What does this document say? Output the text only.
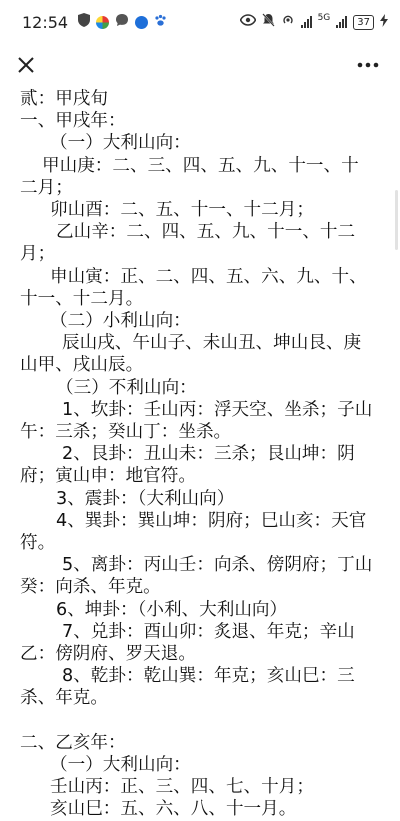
12:54	5G	37
贰：甲戌旬
一、甲戌年：
（一）大利山向：
甲山庚：二、三、四、五、九、十一、十
二月；
卯山酉：二、五、十一、十二月；
乙山辛：二、四、五、九、十一、十二
月；
申山寅：正、二、四、五、六、九、十、
十一、十二月。
（二）小利山向：
辰山戌、午山子、未山丑、坤山艮、庚
山甲、戌山辰。
（三）不利山向：
1、坎卦：壬山丙：浮天空、坐杀；子山
午：三杀；癸山丁：坐杀。
2、艮卦：丑山未：三杀；艮山坤：阴
府；寅山申：地官符。
3、震卦：（大利山向）
4、巽卦：巽山坤：阴府；巳山亥：天官
符。
5、离卦：丙山壬：向杀、傍阴府；丁山
癸：向杀、年克。
6、坤卦：（小利、大利山向）
7、兑卦：酉山卯：炙退、年克；辛山
乙：傍阴府、罗天退。
8、乾卦：乾山巽：年克；亥山巳：三
杀、年克。
二、乙亥年：
（一）大利山向：
壬山丙：正、三、四、七、十月；
亥山巳：五、六、八、十一月。
